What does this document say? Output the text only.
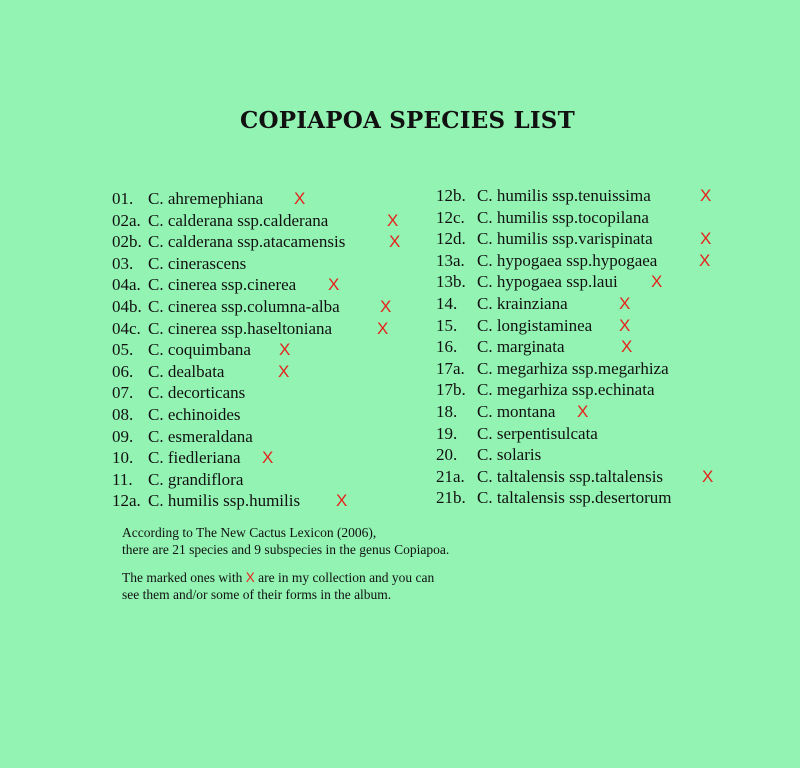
COPIAPOA SPECIES LIST
01. C. ahremephiana X
02a. C. calderana ssp.calderana	X
02b. C. calderana ssp.atacamensis	X
03. C. cinerascens
04a. C. cinerea ssp.cinerea X
04b. C. cinerea ssp.columna-alba X
04c. C. cinerea ssp.haseltoniana	X
05. C. coquimbana X
06. C. dealbata	X
07. C. decorticans
08. C. echinoides
09. C. esmeraldana
10. C. fiedleriana X
11. C. grandiflora
12a. C. humilis ssp.humilis X
12b. C. humilis ssp.tenuissima	X
12c. C. humilis ssp.tocopilana
12d. C. humilis ssp.varispinata	X
13a. C. hypogaea ssp.hypogaea X
13b. C. hypogaea ssp.laui X
14. C. krainziana	X
15. C. longistaminea X
16. C. marginata	X
17a. C. megarhiza ssp.megarhiza
17b. C. megarhiza ssp.echinata
18. C. montana X
19. C. serpentisulcata
20. C. solaris
21a. C. taltalensis ssp.taltalensis X
21b. C. taltalensis ssp.desertorum
According to The New Cactus Lexicon (2006),
there are 21 species and 9 subspecies in the genus Copiapoa.
The marked ones with X are in my collection and you can
see them and/or some of their forms in the album.
